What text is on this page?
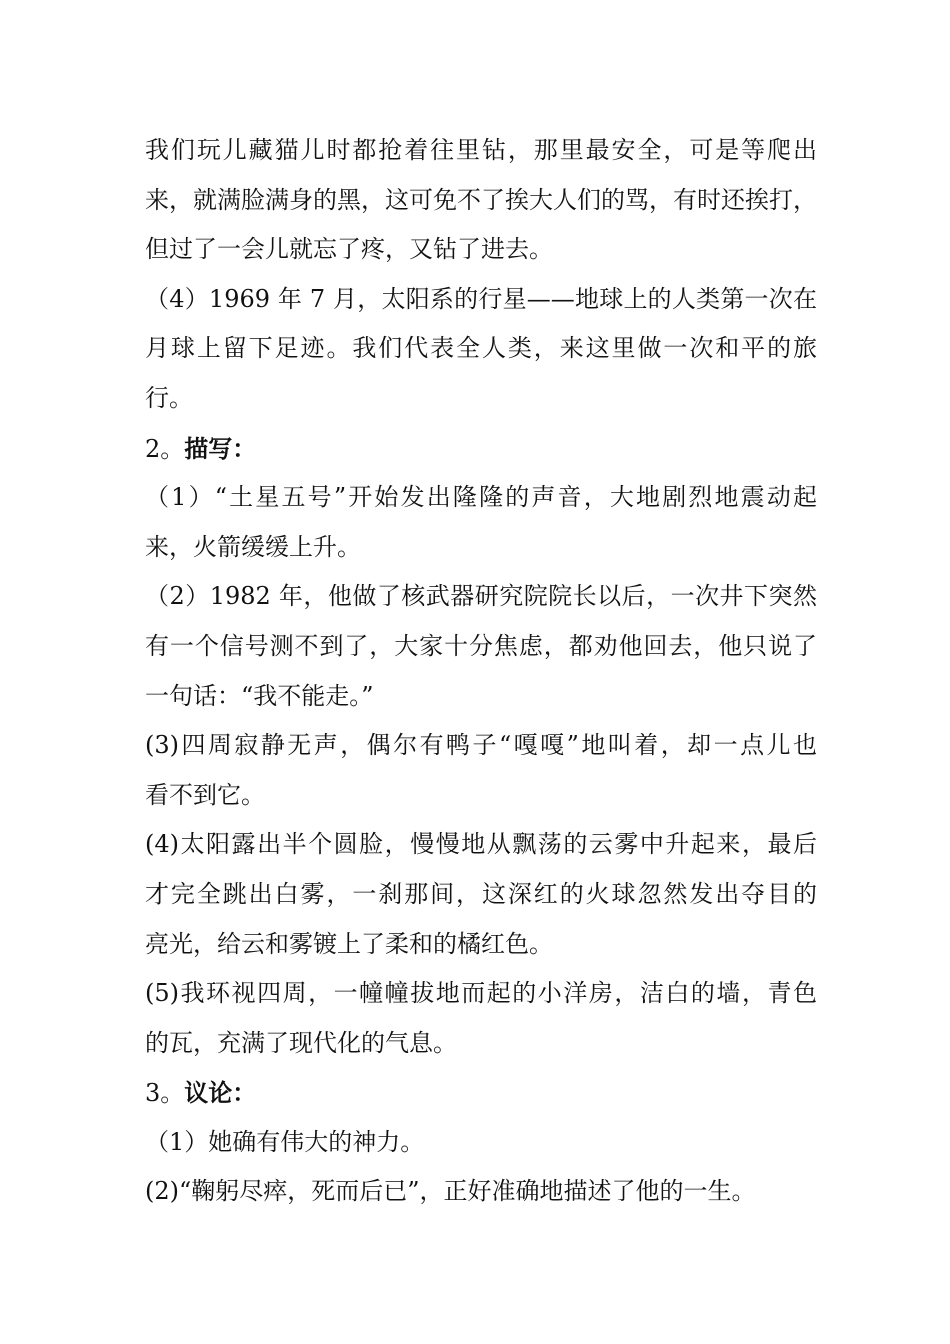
我们玩儿藏猫儿时都抢着往里钻，那里最安全，可是等爬出
来，就满脸满身的黑，这可免不了挨大人们的骂，有时还挨打，
但过了一会儿就忘了疼，又钻了进去。
（4）1969 年 7 月，太阳系的行星——地球上的人类第一次在
月球上留下足迹。我们代表全人类，来这里做一次和平的旅
行。
2。描写：
（1）“土星五号”开始发出隆隆的声音，大地剧烈地震动起
来，火箭缓缓上升。
（2）1982 年，他做了核武器研究院院长以后，一次井下突然
有一个信号测不到了，大家十分焦虑，都劝他回去，他只说了
一句话：“我不能走。”
(3)四周寂静无声，偶尔有鸭子“嘎嘎”地叫着，却一点儿也
看不到它。
(4)太阳露出半个圆脸，慢慢地从飘荡的云雾中升起来，最后
才完全跳出白雾，一刹那间，这深红的火球忽然发出夺目的
亮光，给云和雾镀上了柔和的橘红色。
(5)我环视四周，一幢幢拔地而起的小洋房，洁白的墙，青色
的瓦，充满了现代化的气息。
3。议论：
（1）她确有伟大的神力。
(2)“鞠躬尽瘁，死而后已”，正好准确地描述了他的一生。
